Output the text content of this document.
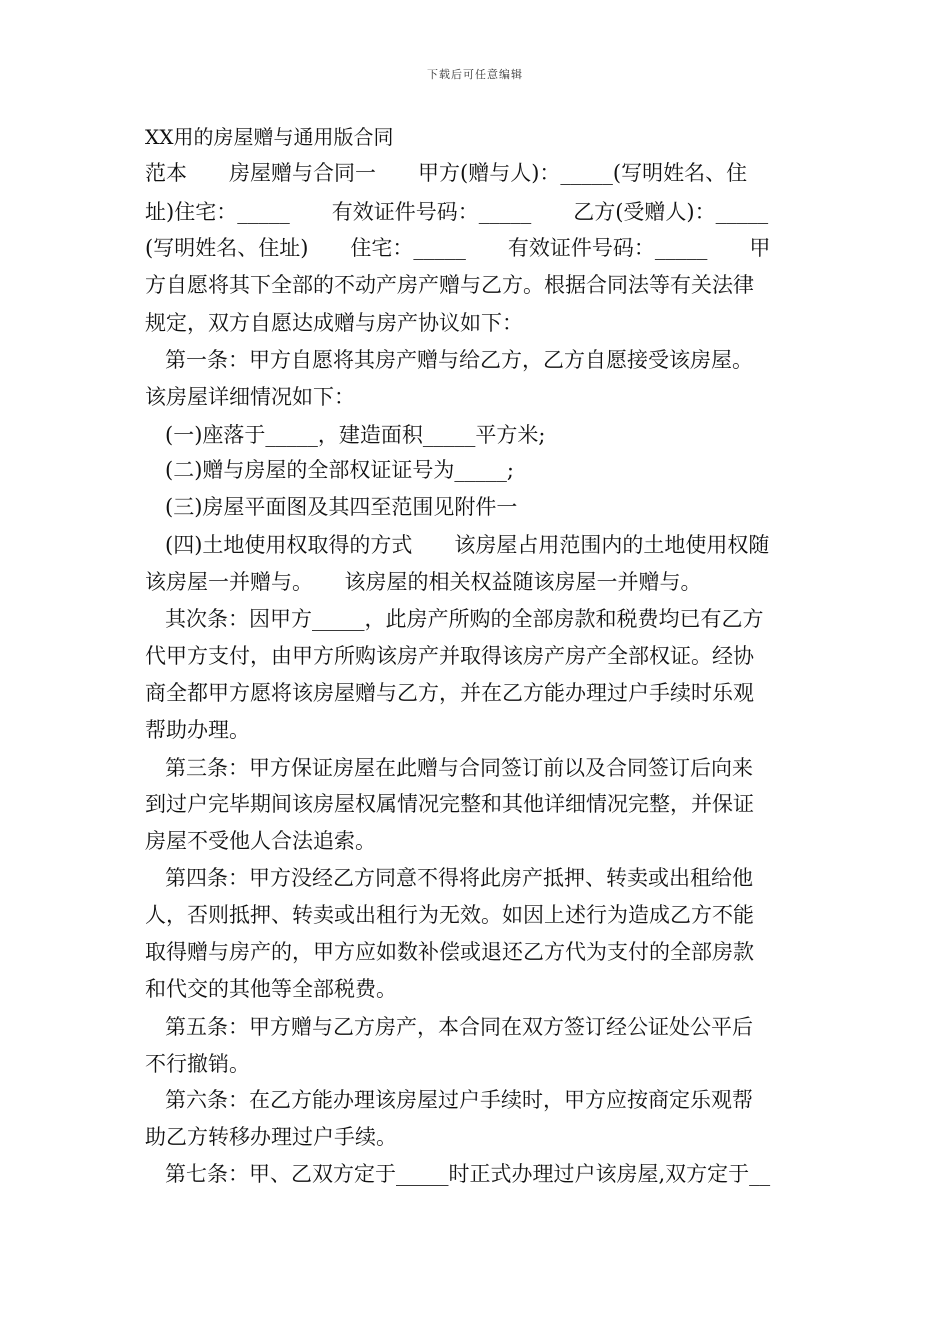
下载后可任意编辑
XX用的房屋赠与通用版合同
范本　　房屋赠与合同一　　甲方(赠与人)：_____(写明姓名、住
址)住宅：_____　　有效证件号码：_____　　乙方(受赠人)：_____
(写明姓名、住址)　　住宅：_____　　有效证件号码：_____　　甲
方自愿将其下全部的不动产房产赠与乙方。根据合同法等有关法律
规定，双方自愿达成赠与房产协议如下：
第一条：甲方自愿将其房产赠与给乙方，乙方自愿接受该房屋。
该房屋详细情况如下：
(一)座落于_____，建造面积_____平方米;
(二)赠与房屋的全部权证证号为_____;
(三)房屋平面图及其四至范围见附件一
(四)土地使用权取得的方式　　该房屋占用范围内的土地使用权随
该房屋一并赠与。　　该房屋的相关权益随该房屋一并赠与。
其次条：因甲方_____，此房产所购的全部房款和税费均已有乙方
代甲方支付，由甲方所购该房产并取得该房产房产全部权证。经协
商全都甲方愿将该房屋赠与乙方，并在乙方能办理过户手续时乐观
帮助办理。
第三条：甲方保证房屋在此赠与合同签订前以及合同签订后向来
到过户完毕期间该房屋权属情况完整和其他详细情况完整，并保证
房屋不受他人合法追索。
第四条：甲方没经乙方同意不得将此房产抵押、转卖或出租给他
人，否则抵押、转卖或出租行为无效。如因上述行为造成乙方不能
取得赠与房产的，甲方应如数补偿或退还乙方代为支付的全部房款
和代交的其他等全部税费。
第五条：甲方赠与乙方房产，本合同在双方签订经公证处公平后
不行撤销。
第六条：在乙方能办理该房屋过户手续时，甲方应按商定乐观帮
助乙方转移办理过户手续。
第七条：甲、乙双方定于_____时正式办理过户该房屋,双方定于__
